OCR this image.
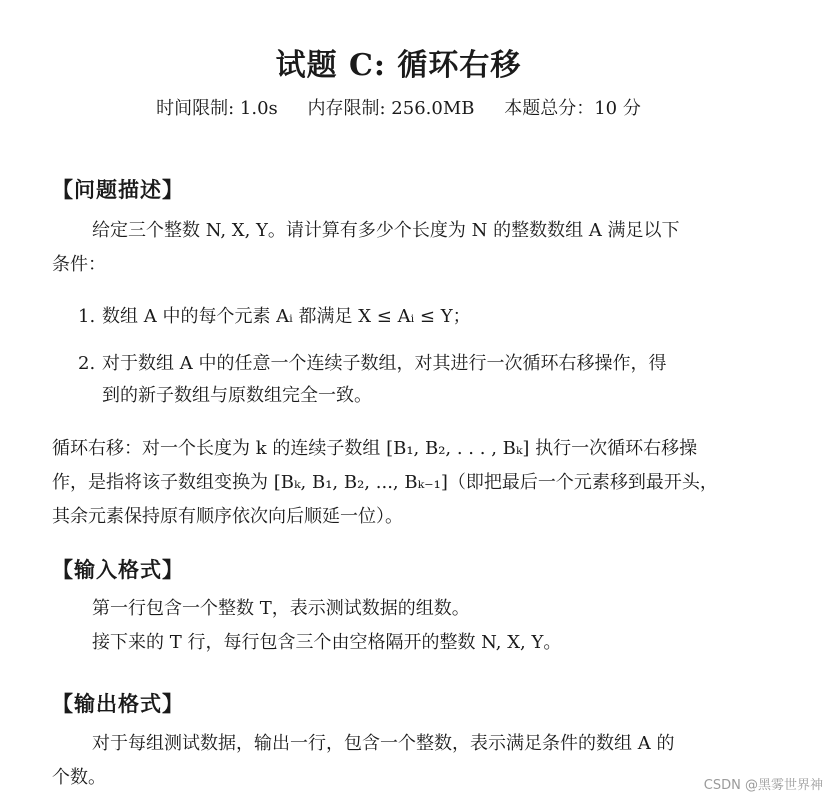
试题 C: 循环右移
时间限制: 1.0s 内存限制: 256.0MB 本题总分：10 分
【问题描述】
给定三个整数 N, X, Y。请计算有多少个长度为 N 的整数数组 A 满足以下
条件：
1. 数组 A 中的每个元素 Aᵢ 都满足 X ≤ Aᵢ ≤ Y；
2. 对于数组 A 中的任意一个连续子数组，对其进行一次循环右移操作，得
到的新子数组与原数组完全一致。
循环右移：对一个长度为 k 的连续子数组 [B₁, B₂, . . . , Bₖ] 执行一次循环右移操
作，是指将该子数组变换为 [Bₖ, B₁, B₂, ..., Bₖ₋₁]（即把最后一个元素移到最开头，
其余元素保持原有顺序依次向后顺延一位）。
【输入格式】
第一行包含一个整数 T，表示测试数据的组数。
接下来的 T 行，每行包含三个由空格隔开的整数 N, X, Y。
【输出格式】
对于每组测试数据，输出一行，包含一个整数，表示满足条件的数组 A 的
个数。	CSDN @黑雾世界神
